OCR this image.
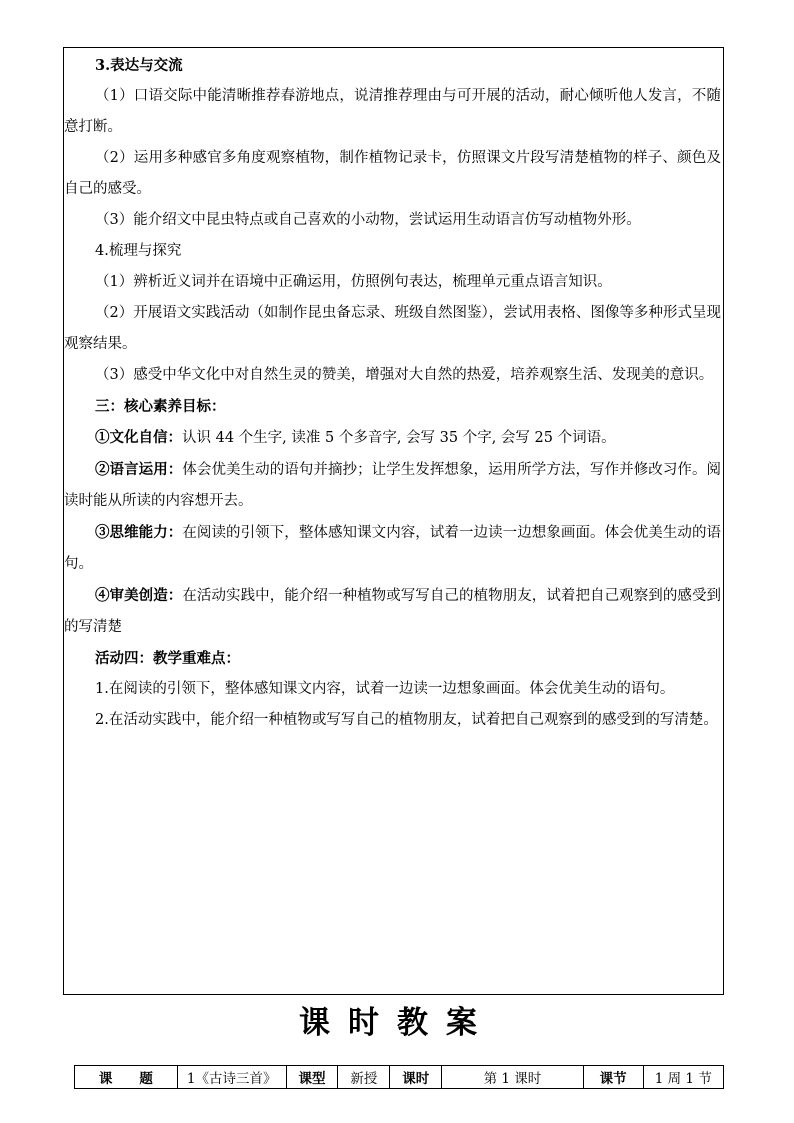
3.表达与交流

（1）口语交际中能清晰推荐春游地点，说清推荐理由与可开展的活动，耐心倾听他人发言，不随意打断。

（2）运用多种感官多角度观察植物，制作植物记录卡，仿照课文片段写清楚植物的样子、颜色及自己的感受。

（3）能介绍文中昆虫特点或自己喜欢的小动物，尝试运用生动语言仿写动植物外形。

4.梳理与探究

（1）辨析近义词并在语境中正确运用，仿照例句表达，梳理单元重点语言知识。

（2）开展语文实践活动（如制作昆虫备忘录、班级自然图鉴），尝试用表格、图像等多种形式呈现观察结果。

（3）感受中华文化中对自然生灵的赞美，增强对大自然的热爱，培养观察生活、发现美的意识。

三：核心素养目标：

①文化自信：认识 44 个生字, 读准 5 个多音字, 会写 35 个字, 会写 25 个词语。

②语言运用：体会优美生动的语句并摘抄；让学生发挥想象，运用所学方法，写作并修改习作。阅读时能从所读的内容想开去。

③思维能力：在阅读的引领下，整体感知课文内容，试着一边读一边想象画面。体会优美生动的语句。

④审美创造：在活动实践中，能介绍一种植物或写写自己的植物朋友，试着把自己观察到的感受到的写清楚

活动四：教学重难点：

1.在阅读的引领下，整体感知课文内容，试着一边读一边想象画面。体会优美生动的语句。

2.在活动实践中，能介绍一种植物或写写自己的植物朋友，试着把自己观察到的感受到的写清楚。

课时教案
课　　题	1《古诗三首》	课型	新授	课时	第 1 课时	课节	1 周 1 节
